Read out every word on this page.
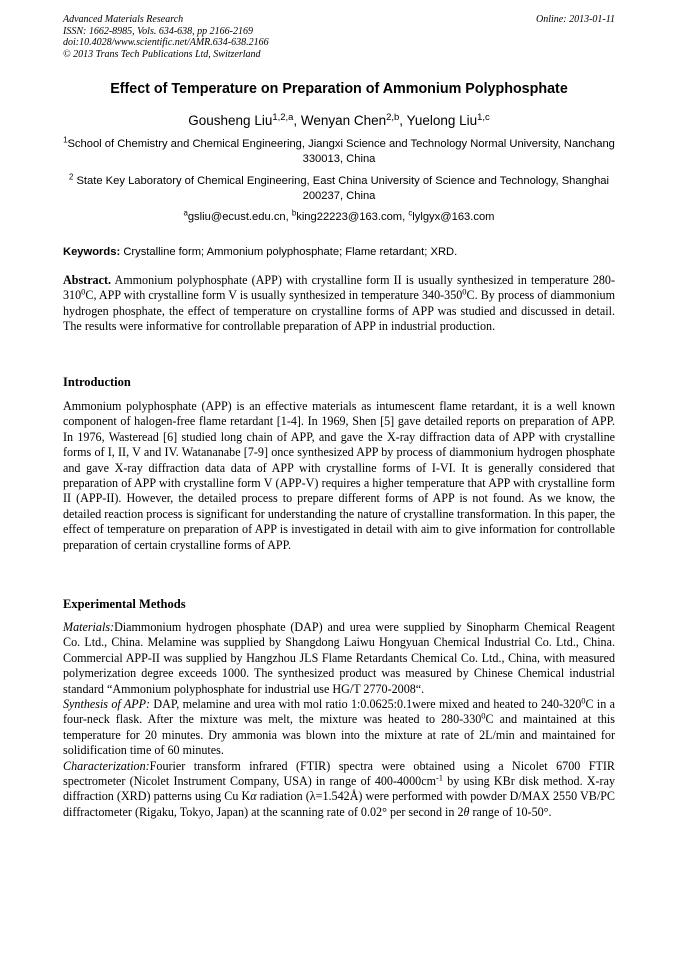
Advanced Materials Research
ISSN: 1662-8985, Vols. 634-638, pp 2166-2169
doi:10.4028/www.scientific.net/AMR.634-638.2166
© 2013 Trans Tech Publications Ltd, Switzerland
Online: 2013-01-11
Effect of Temperature on Preparation of Ammonium Polyphosphate
Gousheng Liu$^{1,2,a}$, Wenyan Chen$^{2,b}$, Yuelong Liu$^{1,c}$
$^1$School of Chemistry and Chemical Engineering, Jiangxi Science and Technology Normal University, Nanchang 330013, China
$^2$ State Key Laboratory of Chemical Engineering, East China University of Science and Technology, Shanghai 200237, China
$^a$gsliu@ecust.edu.cn, $^b$king22223@163.com, $^c$lylgyx@163.com
Keywords: Crystalline form; Ammonium polyphosphate; Flame retardant; XRD.

Abstract. Ammonium polyphosphate (APP) with crystalline form II is usually synthesized in temperature $280-310^0C$, APP with crystalline form V is usually synthesized in temperature $340-350^0C$. By process of diammonium hydrogen phosphate, the effect of temperature on crystalline forms of APP was studied and discussed in detail. The results were informative for controllable preparation of APP in industrial production.

Introduction

Ammonium polyphosphate (APP) is an effective materials as intumescent flame retardant, it is a well known component of halogen-free flame retardant [1-4]. In 1969, Shen [5] gave detailed reports on preparation of APP. In 1976, Wasteread [6] studied long chain of APP, and gave the X-ray diffraction data of APP with crystalline forms of I, II, V and IV. Watananabe [7-9] once synthesized APP by process of diammonium hydrogen phosphate and gave X-ray diffraction data data of APP with crystalline forms of I-VI. It is generally considered that preparation of APP with crystalline form V (APP-V) requires a higher temperature that APP with crystalline form II (APP-II). However, the detailed process to prepare different forms of APP is not found. As we know, the detailed reaction process is significant for understanding the nature of crystalline transformation. In this paper, the effect of temperature on preparation of APP is investigated in detail with aim to give information for controllable preparation of certain crystalline forms of APP.

Experimental Methods

Materials:Diammonium hydrogen phosphate (DAP) and urea were supplied by Sinopharm Chemical Reagent Co. Ltd., China. Melamine was supplied by Shangdong Laiwu Hongyuan Chemical Industrial Co. Ltd., China. Commercial APP-II was supplied by Hangzhou JLS Flame Retardants Chemical Co. Ltd., China, with measured polymerization degree exceeds 1000. The synthesized product was measured by Chinese Chemical industrial standard “Ammonium polyphosphate for industrial use HG/T 2770-2008“.

Synthesis of APP: DAP, melamine and urea with mol ratio 1:0.0625:0.1were mixed and heated to $240-320^0C$ in a four-neck flask. After the mixture was melt, the mixture was heated to $280-330^0C$ and maintained at this temperature for 20 minutes. Dry ammonia was blown into the mixture at rate of 2L/min and maintained for solidification time of 60 minutes.

Characterization:Fourier transform infrared (FTIR) spectra were obtained using a Nicolet 6700 FTIR spectrometer (Nicolet Instrument Company, USA) in range of $400-4000cm^{-1}$ by using KBr disk method. X-ray diffraction (XRD) patterns using Cu Kα radiation (λ=1.542Å) were performed with powder D/MAX 2550 VB/PC diffractometer (Rigaku, Tokyo, Japan) at the scanning rate of 0.02° per second in 2θ range of 10-50°.
